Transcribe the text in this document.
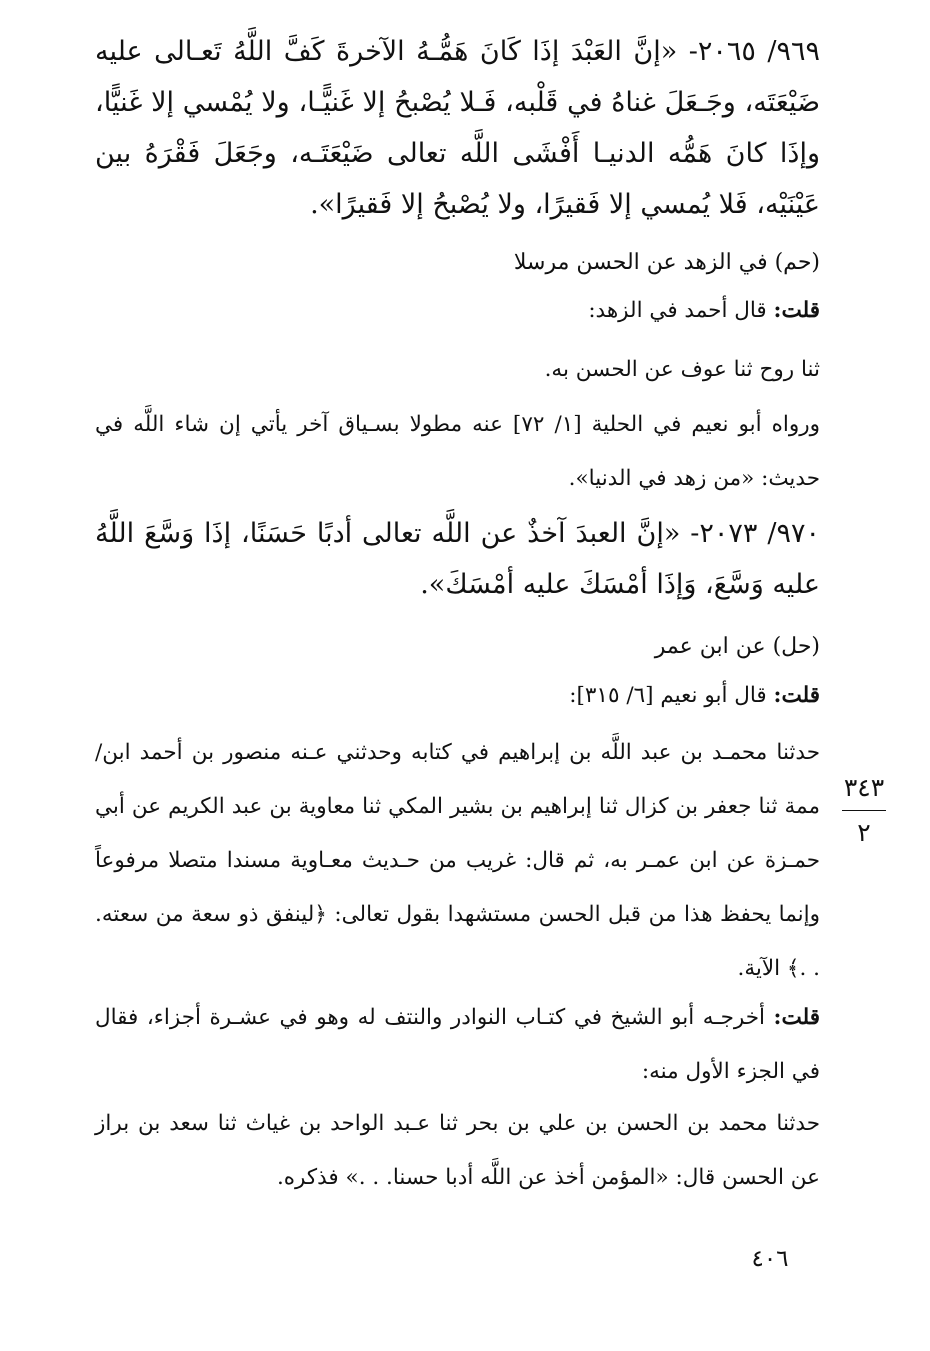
٩٦٩/ ٢٠٦٥- «إنَّ العَبْدَ إذَا كَانَ هَمُّـهُ الآخرةَ كَفَّ اللَّهُ تَعـالى عليه ضَيْعَتَه، وجَـعَلَ غناهُ في قَلْبه، فَـلا يُصْبحُ إلا غَنيًّـا، ولا يُمْسي إلا غَنيًّا، وإذَا كانَ هَمُّه الدنيـا أَفْشَى اللَّه تعالى ضَيْعَتَـه، وجَعَلَ فَقْرَهُ بين عَيْنَيْه، فَلا يُمسي إلا فَقيرًا، ولا يُصْبحُ إلا فَقيرًا».

(حم) في الزهد عن الحسن مرسلا

قلت: قال أحمد في الزهد:

ثنا روح ثنا عوف عن الحسن به.

ورواه أبو نعيم في الحلية [١/ ٧٢] عنه مطولا بسـياق آخر يأتي إن شاء اللَّه في حديث: «من زهد في الدنيا».

٩٧٠/ ٢٠٧٣- «إنَّ العبدَ آخذٌ عن اللَّه تعالى أدبًا حَسَنًا، إذَا وَسَّعَ اللَّهُ عليه وَسَّعَ، وَإذَا أمْسَكَ عليه أمْسَكَ».

(حل) عن ابن عمر

قلت: قال أبو نعيم [٦/ ٣١٥]:

حدثنا محمـد بن عبد اللَّه بن إبراهيم في كتابه وحدثني عـنه منصور بن أحمد ابن/ ممة ثنا جعفر بن كزال ثنا إبراهيم بن بشير المكي ثنا معاوية بن عبد الكريم عن أبي حمـزة عن ابن عمـر به، ثم قال: غريب من حـديث معـاوية مسندا متصلا مرفوعاً وإنما يحفظ هذا من قبل الحسن مستشهدا بقول تعالى: ﴿لينفق ذو سعة من سعته. . .﴾ الآية.

قلت: أخرجـه أبو الشيخ في كتـاب النوادر والنتف له وهو في عشـرة أجزاء، فقال في الجزء الأول منه:

حدثنا محمد بن الحسن بن علي بن بحر ثنا عـبد الواحد بن غياث ثنا سعد بن براز عن الحسن قال: «المؤمن أخذ عن اللَّه أدبا حسنا. . .» فذكره.

٣٤٣
٢
٤٠٦
